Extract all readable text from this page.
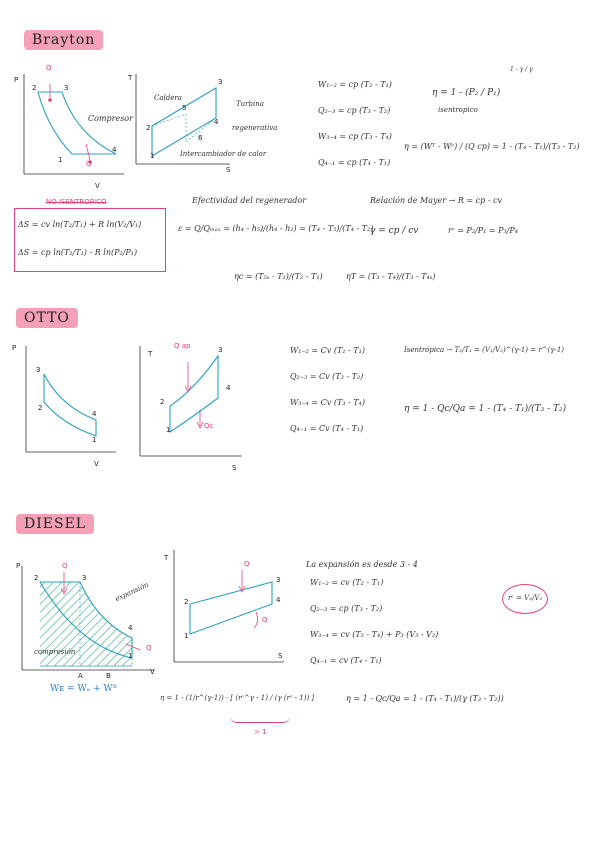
Brayton
P
V
Q
Q
2	3
1
4
T
S
3
2
1
4
5
6
Caldera
Turbina
Compresor
regenerativa
Intercambiador de calor
W₁₋₂ = cp (T₂ - T₁)
Q₂₋₃ = cp (T₃ - T₂)
W₃₋₄ = cp (T₃ - T₄)
Q₄₋₁ = cp (T₄ - T₁)
η = 1 - (P₂ / P₁)
1 - γ / γ
isentropico
η = (Wᵀ - Wᶜ) / (Q cp) = 1 - (T₄ - T₁)/(T₃ - T₂)
NO ISENTROPICO
ΔS = cv ln(T₂/T₁) + R ln(V₂/V₁)
ΔS = cp ln(T₂/T₁) - R ln(P₂/P₁)
Efectividad del regenerador
ε = Q/Qₘₐₓ = (h₄ - h₅)/(h₄ - h₂) = (T₄ - T₅)/(T₄ - T₂)
Relación de Mayer → R = cp - cv
γ = cp / cv	rᶜ = P₂/P₁ = P₃/P₄
ηc = (T₅ₛ - T₁)/(T₂ - T₁)	ηT = (T₃ - T₄)/(T₃ - T₄ₛ)
OTTO
P
V
3
2
4
1
T
S
3
4
2
1
Q ap
Qc
W₁₋₂ = Cv (T₂ - T₁)
Q₂₋₃ = Cv (T₃ - T₂)
W₃₋₄ = Cv (T₃ - T₄)
Q₄₋₁ = Cv (T₄ - T₁)
Isentrópica → T₂/T₁ = (V₁/V₂)^(γ-1) = r^(γ-1)
η = 1 - Qc/Qa = 1 - (T₄ - T₁)/(T₃ - T₂)
DIESEL
P
V
2	3
4
1
Q
Q
expansión
compresión
A	B
Wᴇ = Wₐ + Wᴮ
T
S
2
3
4
1
Q
Q
La expansión es desde 3 - 4
W₁₋₂ = cv (T₂ - T₁)
Q₂₋₃ = cp (T₃ - T₂)
W₃₋₄ = cv (T₃ - T₄) + P₃ (V₃ - V₂)
Q₄₋₁ = cv (T₄ - T₁)
rᶜ = V₃/V₂
η = 1 - (1/r^(γ-1)) · [ (rᶜ^γ - 1) / (γ (rᶜ - 1)) ]
> 1
η = 1 - Qc/Qa = 1 - (T₄ - T₁)/(γ (T₃ - T₂))
